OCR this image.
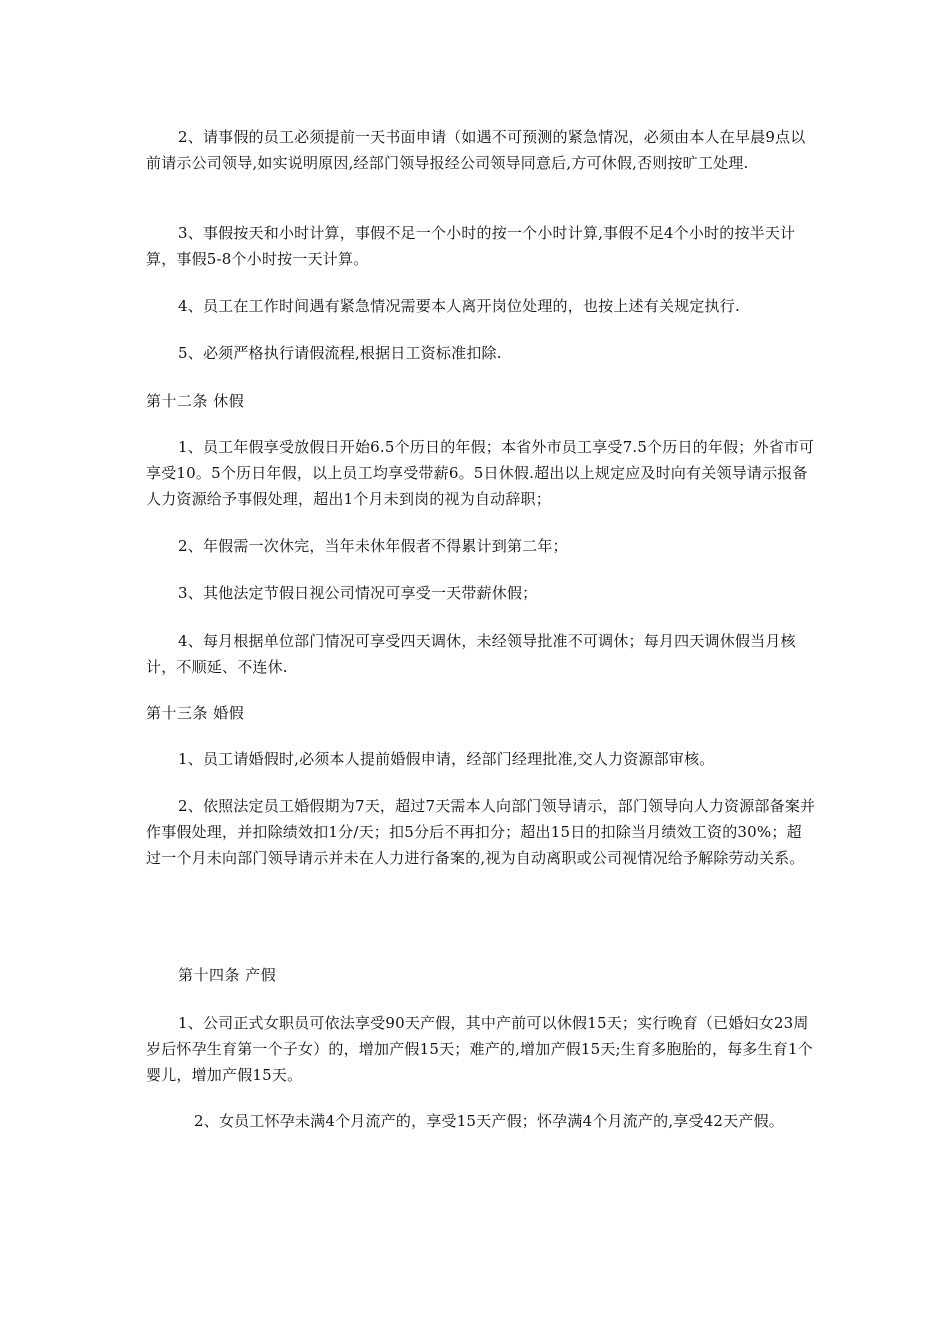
2、请事假的员工必须提前一天书面申请（如遇不可预测的紧急情况，必须由本人在早晨9点以前请示公司领导,如实说明原因,经部门领导报经公司领导同意后,方可休假,否则按旷工处理.

3、事假按天和小时计算，事假不足一个小时的按一个小时计算,事假不足4个小时的按半天计算，事假5-8个小时按一天计算。

4、员工在工作时间遇有紧急情况需要本人离开岗位处理的，也按上述有关规定执行.

5、必须严格执行请假流程,根据日工资标准扣除.

第十二条 休假

1、员工年假享受放假日开始6.5个历日的年假；本省外市员工享受7.5个历日的年假；外省市可享受10。5个历日年假，以上员工均享受带薪6。5日休假.超出以上规定应及时向有关领导请示报备人力资源给予事假处理，超出1个月未到岗的视为自动辞职；

2、年假需一次休完，当年未休年假者不得累计到第二年；

3、其他法定节假日视公司情况可享受一天带薪休假；

4、每月根据单位部门情况可享受四天调休，未经领导批准不可调休；每月四天调休假当月核计，不顺延、不连休.

第十三条 婚假

1、员工请婚假时,必须本人提前婚假申请，经部门经理批准,交人力资源部审核。

2、依照法定员工婚假期为7天，超过7天需本人向部门领导请示，部门领导向人力资源部备案并作事假处理，并扣除绩效扣1分/天；扣5分后不再扣分；超出15日的扣除当月绩效工资的30%；超过一个月未向部门领导请示并未在人力进行备案的,视为自动离职或公司视情况给予解除劳动关系。

第十四条 产假

1、公司正式女职员可依法享受90天产假，其中产前可以休假15天；实行晚育（已婚妇女23周岁后怀孕生育第一个子女）的，增加产假15天；难产的,增加产假15天;生育多胞胎的，每多生育1个婴儿，增加产假15天。

2、女员工怀孕未满4个月流产的，享受15天产假；怀孕满4个月流产的,享受42天产假。
